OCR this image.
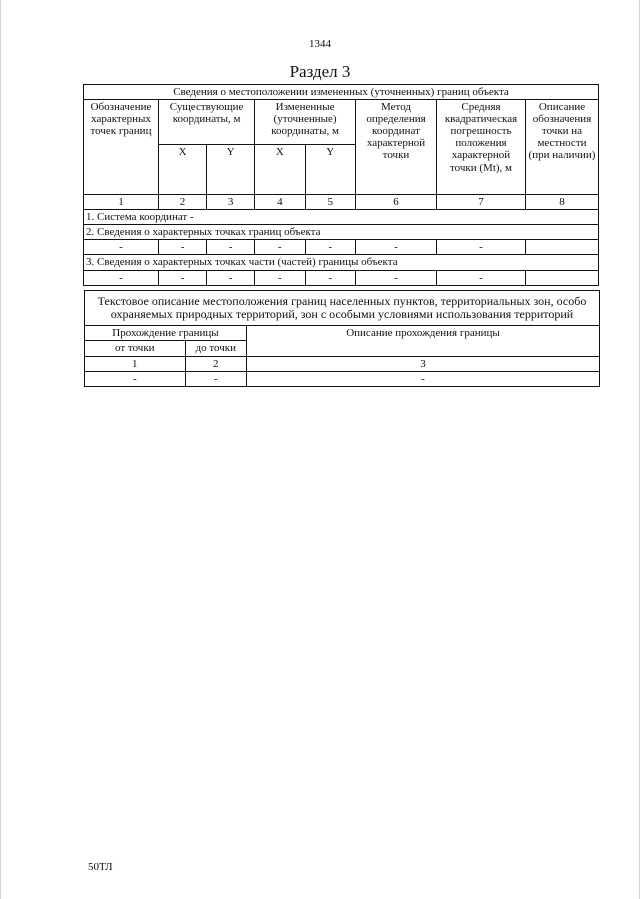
1344
Раздел 3
Сведения о местоположении измененных (уточненных) границ объекта							
Обозначение характерных точек границ	Существующие координаты, м		Измененные (уточненные) координаты, м		Метод определения координат характерной точки	Средняя квадратическая погрешность положения характерной точки (Mt), м	Описание обозначения точки на местности (при наличии)
	X	Y	X	Y			
1	2	3	4	5	6	7	8
1. Система координат -							
2. Сведения о характерных точках границ объекта							
-	-	-	-	-	-	-	
3. Сведения о характерных точках части (частей) границы объекта							
-	-	-	-	-	-	-	
Текстовое описание местоположения границ населенных пунктов, территориальных зон, особо охраняемых природных территорий, зон с особыми условиями использования территорий		
Прохождение границы		Описание прохождения границы
от точки	до точки	
1	2	3
-	-	-
50ТЛ
